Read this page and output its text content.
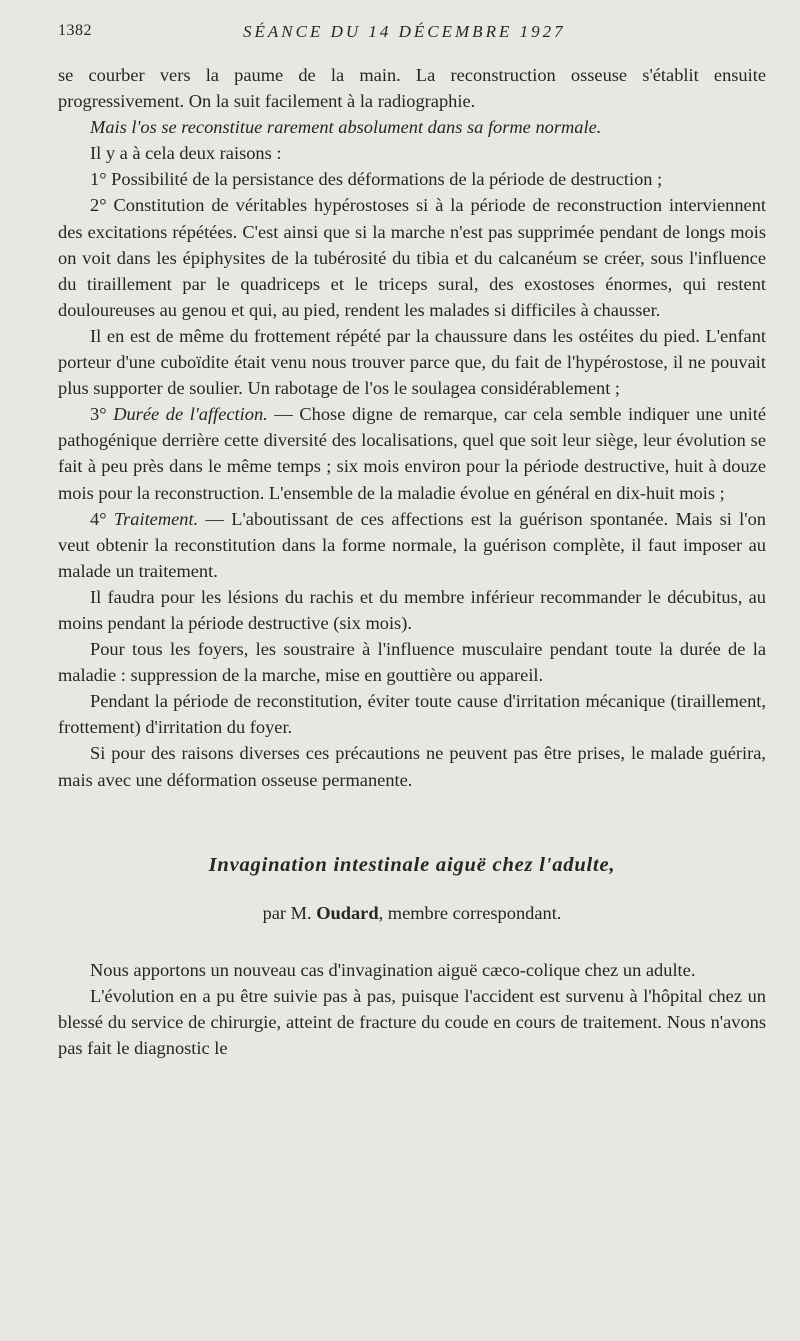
1382	SÉANCE DU 14 DÉCEMBRE 1927

se courber vers la paume de la main. La reconstruction osseuse s'établit ensuite progressivement. On la suit facilement à la radiographie.

Mais l'os se reconstitue rarement absolument dans sa forme normale.

Il y a à cela deux raisons :

1° Possibilité de la persistance des déformations de la période de destruction ;

2° Constitution de véritables hypérostoses si à la période de reconstruction interviennent des excitations répétées. C'est ainsi que si la marche n'est pas supprimée pendant de longs mois on voit dans les épiphysites de la tubérosité du tibia et du calcanéum se créer, sous l'influence du tiraillement par le quadriceps et le triceps sural, des exostoses énormes, qui restent douloureuses au genou et qui, au pied, rendent les malades si difficiles à chausser.

Il en est de même du frottement répété par la chaussure dans les ostéites du pied. L'enfant porteur d'une cuboïdite était venu nous trouver parce que, du fait de l'hypérostose, il ne pouvait plus supporter de soulier. Un rabotage de l'os le soulagea considérablement ;

3° Durée de l'affection. — Chose digne de remarque, car cela semble indiquer une unité pathogénique derrière cette diversité des localisations, quel que soit leur siège, leur évolution se fait à peu près dans le même temps ; six mois environ pour la période destructive, huit à douze mois pour la reconstruction. L'ensemble de la maladie évolue en général en dix-huit mois ;

4° Traitement. — L'aboutissant de ces affections est la guérison spontanée. Mais si l'on veut obtenir la reconstitution dans la forme normale, la guérison complète, il faut imposer au malade un traitement.

Il faudra pour les lésions du rachis et du membre inférieur recommander le décubitus, au moins pendant la période destructive (six mois).

Pour tous les foyers, les soustraire à l'influence musculaire pendant toute la durée de la maladie : suppression de la marche, mise en gouttière ou appareil.

Pendant la période de reconstitution, éviter toute cause d'irritation mécanique (tiraillement, frottement) d'irritation du foyer.

Si pour des raisons diverses ces précautions ne peuvent pas être prises, le malade guérira, mais avec une déformation osseuse permanente.

Invagination intestinale aiguë chez l'adulte,
par M. Oudard, membre correspondant.

Nous apportons un nouveau cas d'invagination aiguë cæco-colique chez un adulte.

L'évolution en a pu être suivie pas à pas, puisque l'accident est survenu à l'hôpital chez un blessé du service de chirurgie, atteint de fracture du coude en cours de traitement. Nous n'avons pas fait le diagnostic le
